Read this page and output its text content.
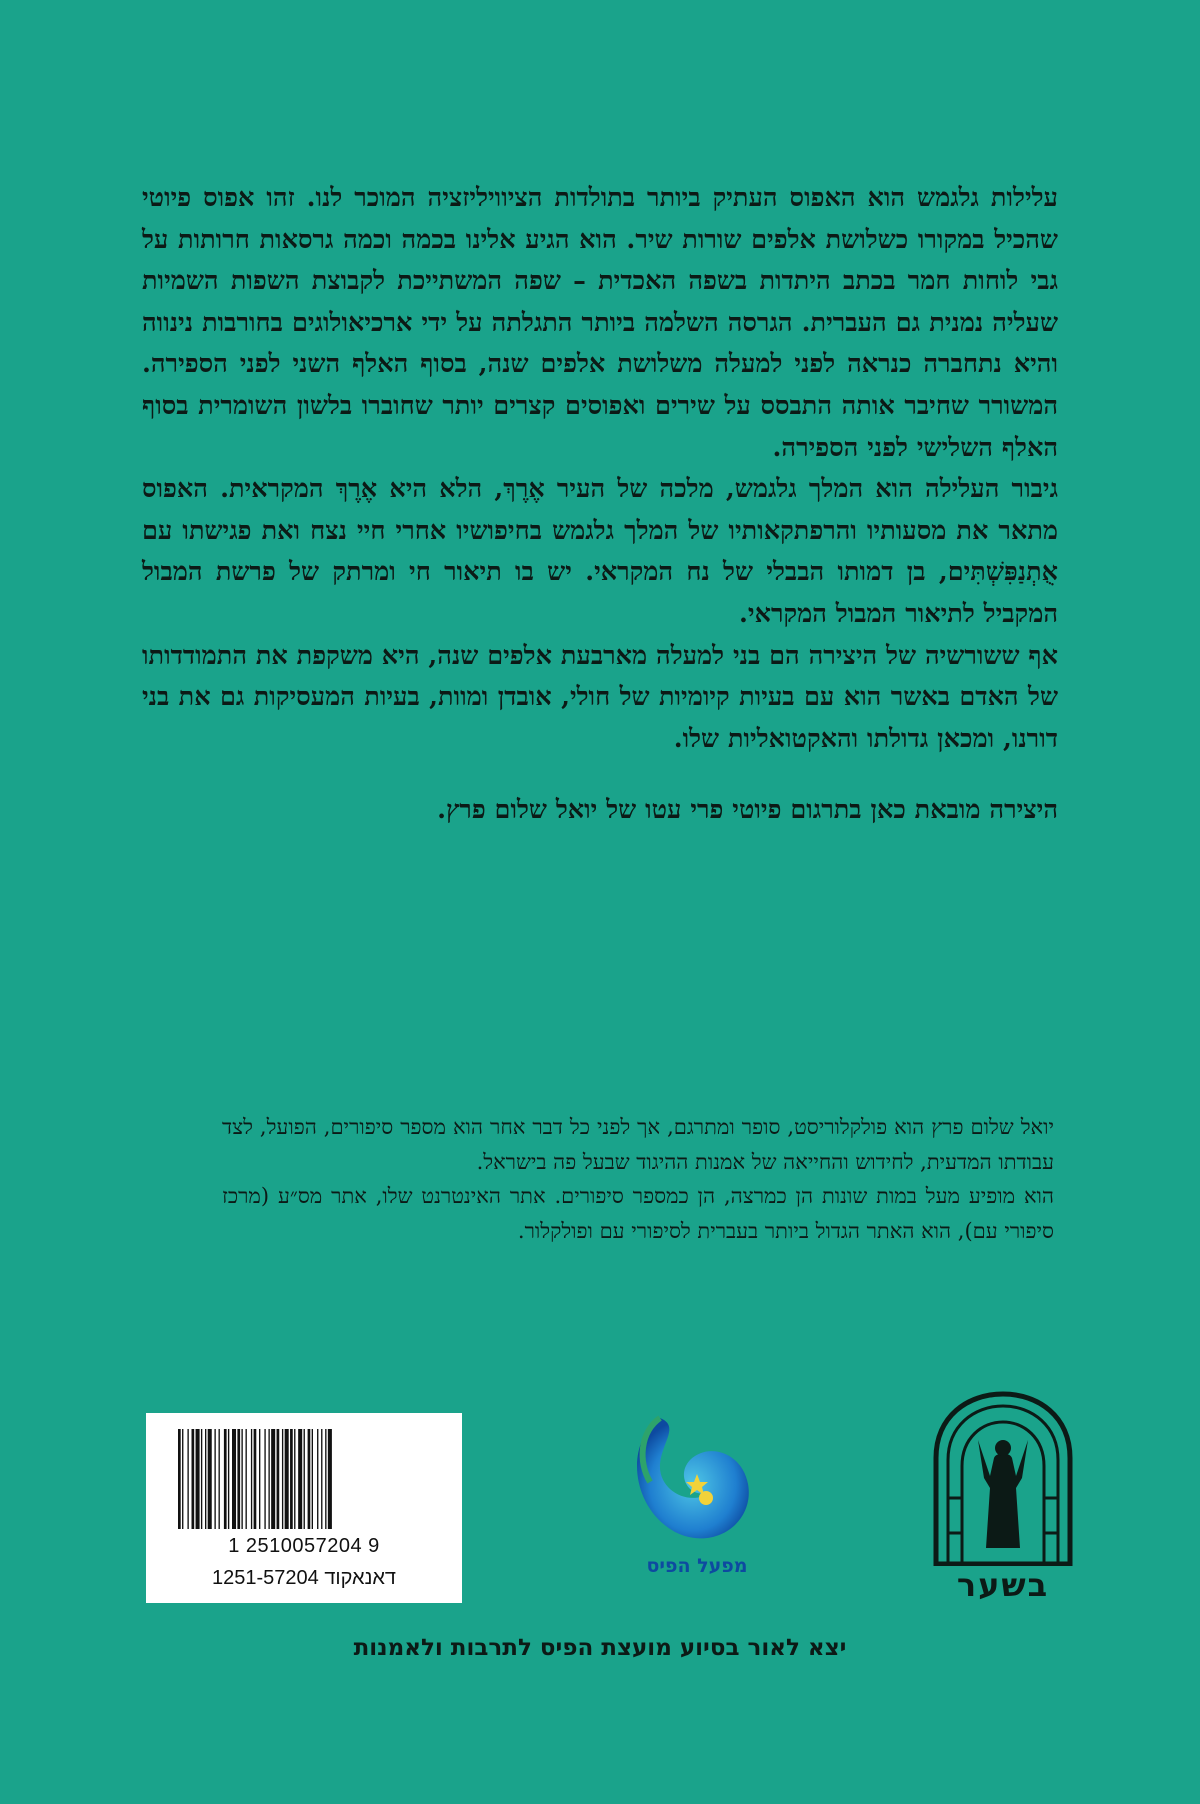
עלילות גלגמש הוא האפוס העתיק ביותר בתולדות הציוויליזציה המוכר לנו. זהו אפוס פיוטי שהכיל במקורו כשלושת אלפים שורות שיר. הוא הגיע אלינו בכמה וכמה גרסאות חרותות על גבי לוחות חמר בכתב היתדות בשפה האכדית – שפה המשתייכת לקבוצת השפות השמיות שעליה נמנית גם העברית. הגרסה השלמה ביותר התגלתה על ידי ארכיאולוגים בחורבות נינווה והיא נתחברה כנראה לפני למעלה משלושת אלפים שנה, בסוף האלף השני לפני הספירה. המשורר שחיבר אותה התבסס על שירים ואפוסים קצרים יותר שחוברו בלשון השומרית בסוף האלף השלישי לפני הספירה.

גיבור העלילה הוא המלך גלגמש, מלכה של העיר אֶרֶךְ, הלא היא אֶרֶךְ המקראית. האפוס מתאר את מסעותיו והרפתקאותיו של המלך גלגמש בחיפושיו אחרי חיי נצח ואת פגישתו עם אֻתְנַפִּשְׁתִּים, בן דמותו הבבלי של נח המקראי. יש בו תיאור חי ומרתק של פרשת המבול המקביל לתיאור המבול המקראי.

אף ששורשיה של היצירה הם בני למעלה מארבעת אלפים שנה, היא משקפת את התמודדותו של האדם באשר הוא עם בעיות קיומיות של חולי, אובדן ומוות, בעיות המעסיקות גם את בני דורנו, ומכאן גדולתו והאקטואליות שלו.

היצירה מובאת כאן בתרגום פיוטי פרי עטו של יואל שלום פרץ.

יואל שלום פרץ הוא פולקלוריסט, סופר ומתרגם, אך לפני כל דבר אחר הוא מספר סיפורים, הפועל, לצד עבודתו המדעית, לחידוש והחייאה של אמנות ההיגוד שבעל פה בישראל.

הוא מופיע מעל במות שונות הן כמרצה, הן כמספר סיפורים. אתר האינטרנט שלו, אתר מס״ע (מרכז סיפורי עם), הוא האתר הגדול ביותר בעברית לסיפורי עם ופולקלור.

1 2510057204 9
דאנאקוד 1251-57204
מפעל הפיס	בשער
יצא לאור בסיוע מועצת הפיס לתרבות ולאמנות
